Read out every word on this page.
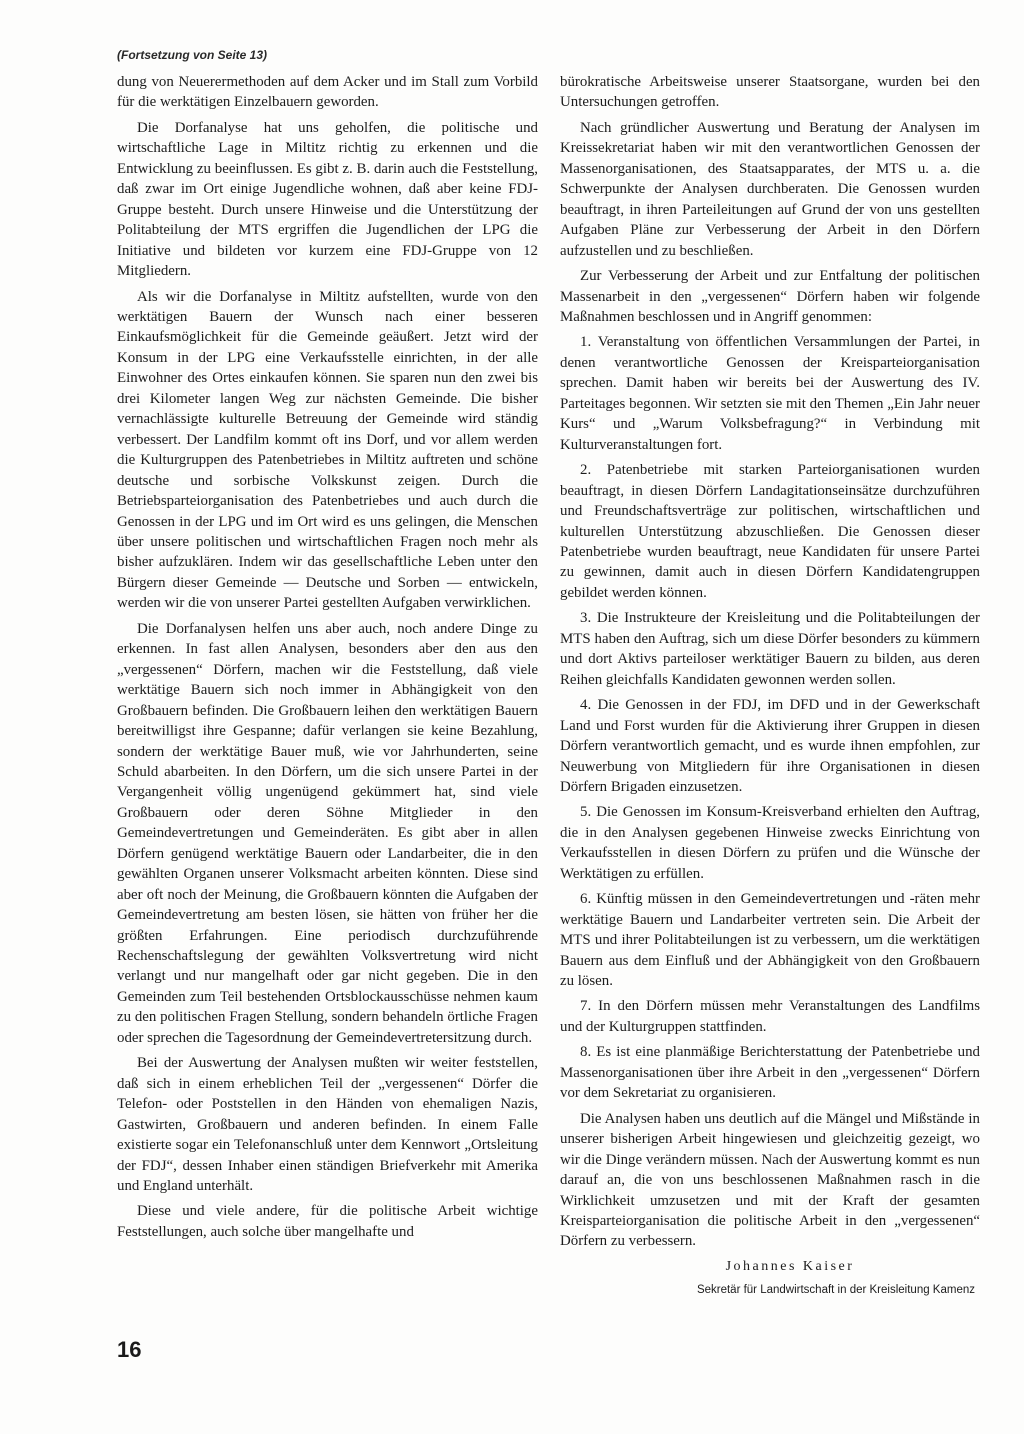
(Fortsetzung von Seite 13)

dung von Neuerermethoden auf dem Acker und im Stall zum Vorbild für die werktätigen Einzelbauern geworden.

Die Dorfanalyse hat uns geholfen, die politische und wirtschaftliche Lage in Miltitz richtig zu erkennen und die Entwicklung zu beeinflussen. Es gibt z. B. darin auch die Feststellung, daß zwar im Ort einige Jugendliche wohnen, daß aber keine FDJ-Gruppe besteht. Durch unsere Hinweise und die Unterstützung der Politabteilung der MTS ergriffen die Jugendlichen der LPG die Initiative und bildeten vor kurzem eine FDJ-Gruppe von 12 Mitgliedern.

Als wir die Dorfanalyse in Miltitz aufstellten, wurde von den werktätigen Bauern der Wunsch nach einer besseren Einkaufsmöglichkeit für die Gemeinde geäußert. Jetzt wird der Konsum in der LPG eine Verkaufsstelle einrichten, in der alle Einwohner des Ortes einkaufen können. Sie sparen nun den zwei bis drei Kilometer langen Weg zur nächsten Gemeinde. Die bisher vernachlässigte kulturelle Betreuung der Gemeinde wird ständig verbessert. Der Landfilm kommt oft ins Dorf, und vor allem werden die Kulturgruppen des Patenbetriebes in Miltitz auftreten und schöne deutsche und sorbische Volkskunst zeigen. Durch die Betriebsparteiorganisation des Patenbetriebes und auch durch die Genossen in der LPG und im Ort wird es uns gelingen, die Menschen über unsere politischen und wirtschaftlichen Fragen noch mehr als bisher aufzuklären. Indem wir das gesellschaftliche Leben unter den Bürgern dieser Gemeinde — Deutsche und Sorben — entwickeln, werden wir die von unserer Partei gestellten Aufgaben verwirklichen.

Die Dorfanalysen helfen uns aber auch, noch andere Dinge zu erkennen. In fast allen Analysen, besonders aber den aus den „vergessenen“ Dörfern, machen wir die Feststellung, daß viele werktätige Bauern sich noch immer in Abhängigkeit von den Großbauern befinden. Die Großbauern leihen den werktätigen Bauern bereitwilligst ihre Gespanne; dafür verlangen sie keine Bezahlung, sondern der werktätige Bauer muß, wie vor Jahrhunderten, seine Schuld abarbeiten. In den Dörfern, um die sich unsere Partei in der Vergangenheit völlig ungenügend gekümmert hat, sind viele Großbauern oder deren Söhne Mitglieder in den Gemeindevertretungen und Gemeinderäten. Es gibt aber in allen Dörfern genügend werktätige Bauern oder Landarbeiter, die in den gewählten Organen unserer Volksmacht arbeiten könnten. Diese sind aber oft noch der Meinung, die Großbauern könnten die Aufgaben der Gemeindevertretung am besten lösen, sie hätten von früher her die größten Erfahrungen. Eine periodisch durchzuführende Rechenschaftslegung der gewählten Volksvertretung wird nicht verlangt und nur mangelhaft oder gar nicht gegeben. Die in den Gemeinden zum Teil bestehenden Ortsblockausschüsse nehmen kaum zu den politischen Fragen Stellung, sondern behandeln örtliche Fragen oder sprechen die Tagesordnung der Gemeindevertretersitzung durch.

Bei der Auswertung der Analysen mußten wir weiter feststellen, daß sich in einem erheblichen Teil der „vergessenen“ Dörfer die Telefon- oder Poststellen in den Händen von ehemaligen Nazis, Gastwirten, Großbauern und anderen befinden. In einem Falle existierte sogar ein Telefonanschluß unter dem Kennwort „Ortsleitung der FDJ“, dessen Inhaber einen ständigen Briefverkehr mit Amerika und England unterhält.

Diese und viele andere, für die politische Arbeit wichtige Feststellungen, auch solche über mangelhafte und

bürokratische Arbeitsweise unserer Staatsorgane, wurden bei den Untersuchungen getroffen.

Nach gründlicher Auswertung und Beratung der Analysen im Kreissekretariat haben wir mit den verantwortlichen Genossen der Massenorganisationen, des Staatsapparates, der MTS u. a. die Schwerpunkte der Analysen durchberaten. Die Genossen wurden beauftragt, in ihren Parteileitungen auf Grund der von uns gestellten Aufgaben Pläne zur Verbesserung der Arbeit in den Dörfern aufzustellen und zu beschließen.

Zur Verbesserung der Arbeit und zur Entfaltung der politischen Massenarbeit in den „vergessenen“ Dörfern haben wir folgende Maßnahmen beschlossen und in Angriff genommen:

1. Veranstaltung von öffentlichen Versammlungen der Partei, in denen verantwortliche Genossen der Kreisparteiorganisation sprechen. Damit haben wir bereits bei der Auswertung des IV. Parteitages begonnen. Wir setzten sie mit den Themen „Ein Jahr neuer Kurs“ und „Warum Volksbefragung?“ in Verbindung mit Kulturveranstaltungen fort.

2. Patenbetriebe mit starken Parteiorganisationen wurden beauftragt, in diesen Dörfern Landagitationseinsätze durchzuführen und Freundschaftsverträge zur politischen, wirtschaftlichen und kulturellen Unterstützung abzuschließen. Die Genossen dieser Patenbetriebe wurden beauftragt, neue Kandidaten für unsere Partei zu gewinnen, damit auch in diesen Dörfern Kandidatengruppen gebildet werden können.

3. Die Instrukteure der Kreisleitung und die Politabteilungen der MTS haben den Auftrag, sich um diese Dörfer besonders zu kümmern und dort Aktivs parteiloser werktätiger Bauern zu bilden, aus deren Reihen gleichfalls Kandidaten gewonnen werden sollen.

4. Die Genossen in der FDJ, im DFD und in der Gewerkschaft Land und Forst wurden für die Aktivierung ihrer Gruppen in diesen Dörfern verantwortlich gemacht, und es wurde ihnen empfohlen, zur Neuwerbung von Mitgliedern für ihre Organisationen in diesen Dörfern Brigaden einzusetzen.

5. Die Genossen im Konsum-Kreisverband erhielten den Auftrag, die in den Analysen gegebenen Hinweise zwecks Einrichtung von Verkaufsstellen in diesen Dörfern zu prüfen und die Wünsche der Werktätigen zu erfüllen.

6. Künftig müssen in den Gemeindevertretungen und -räten mehr werktätige Bauern und Landarbeiter vertreten sein. Die Arbeit der MTS und ihrer Politabteilungen ist zu verbessern, um die werktätigen Bauern aus dem Einfluß und der Abhängigkeit von den Großbauern zu lösen.

7. In den Dörfern müssen mehr Veranstaltungen des Landfilms und der Kulturgruppen stattfinden.

8. Es ist eine planmäßige Berichterstattung der Patenbetriebe und Massenorganisationen über ihre Arbeit in den „vergessenen“ Dörfern vor dem Sekretariat zu organisieren.

Die Analysen haben uns deutlich auf die Mängel und Mißstände in unserer bisherigen Arbeit hingewiesen und gleichzeitig gezeigt, wo wir die Dinge verändern müssen. Nach der Auswertung kommt es nun darauf an, die von uns beschlossenen Maßnahmen rasch in die Wirklichkeit umzusetzen und mit der Kraft der gesamten Kreisparteiorganisation die politische Arbeit in den „vergessenen“ Dörfern zu verbessern.

Johannes Kaiser
Sekretär für Landwirtschaft in der Kreisleitung Kamenz
16
